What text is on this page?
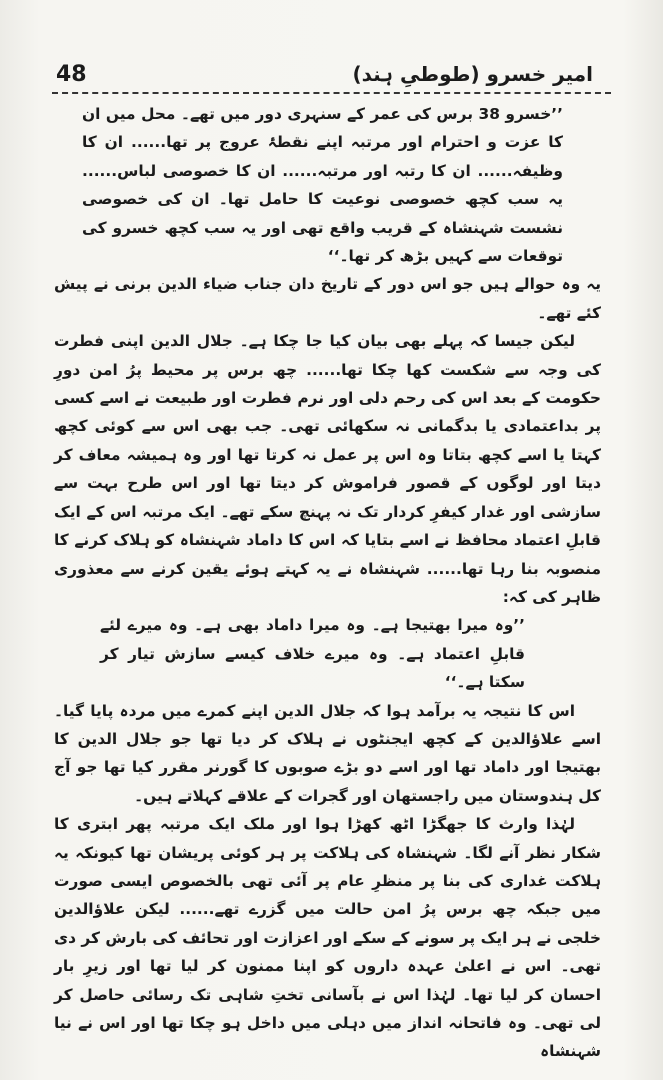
امیر خسرو (طوطیِ ہند)
48

’’خسرو 38 برس کی عمر کے سنہری دور میں تھے۔ محل میں ان کا عزت و احترام اور مرتبہ اپنے نقطۂ عروج پر تھا...... ان کا وظیفہ...... ان کا رتبہ اور مرتبہ...... ان کا خصوصی لباس...... یہ سب کچھ خصوصی نوعیت کا حامل تھا۔ ان کی خصوصی نشست شہنشاہ کے قریب واقع تھی اور یہ سب کچھ خسرو کی توقعات سے کہیں بڑھ کر تھا۔‘‘

یہ وہ حوالے ہیں جو اس دور کے تاریخ دان جناب ضیاء الدین برنی نے پیش کئے تھے۔

لیکن جیسا کہ پہلے بھی بیان کیا جا چکا ہے۔ جلال الدین اپنی فطرت کی وجہ سے شکست کھا چکا تھا...... چھ برس پر محیط پرُ امن دورِ حکومت کے بعد اس کی رحم دلی اور نرم فطرت اور طبیعت نے اسے کسی پر بداعتمادی یا بدگمانی نہ سکھائی تھی۔ جب بھی اس سے کوئی کچھ کہتا یا اسے کچھ بتاتا وہ اس پر عمل نہ کرتا تھا اور وہ ہمیشہ معاف کر دیتا اور لوگوں کے قصور فراموش کر دیتا تھا اور اس طرح بہت سے سازشی اور غدار کیفرِ کردار تک نہ پہنچ سکے تھے۔ ایک مرتبہ اس کے ایک قابلِ اعتماد محافظ نے اسے بتایا کہ اس کا داماد شہنشاہ کو ہلاک کرنے کا منصوبہ بنا رہا تھا...... شہنشاہ نے یہ کہتے ہوئے یقین کرنے سے معذوری ظاہر کی کہ:

’’وہ میرا بھتیجا ہے۔ وہ میرا داماد بھی ہے۔ وہ میرے لئے قابلِ اعتماد ہے۔ وہ میرے خلاف کیسے سازش تیار کر سکتا ہے۔‘‘

اس کا نتیجہ یہ برآمد ہوا کہ جلال الدین اپنے کمرے میں مردہ پایا گیا۔ اسے علاؤالدین کے کچھ ایجنٹوں نے ہلاک کر دیا تھا جو جلال الدین کا بھتیجا اور داماد تھا اور اسے دو بڑے صوبوں کا گورنر مقرر کیا تھا جو آج کل ہندوستان میں راجستھان اور گجرات کے علاقے کہلاتے ہیں۔

لہٰذا وارث کا جھگڑا اٹھ کھڑا ہوا اور ملک ایک مرتبہ پھر ابتری کا شکار نظر آنے لگا۔ شہنشاہ کی ہلاکت پر ہر کوئی پریشان تھا کیونکہ یہ ہلاکت غداری کی بنا پر منظرِ عام پر آئی تھی بالخصوص ایسی صورت میں جبکہ چھ برس پرُ امن حالت میں گزرے تھے...... لیکن علاؤالدین خلجی نے ہر ایک پر سونے کے سکے اور اعزازت اور تحائف کی بارش کر دی تھی۔ اس نے اعلیٰ عہدہ داروں کو اپنا ممنون کر لیا تھا اور زیرِ بار احسان کر لیا تھا۔ لہٰذا اس نے بآسانی تختِ شاہی تک رسائی حاصل کر لی تھی۔ وہ فاتحانہ انداز میں دہلی میں داخل ہو چکا تھا اور اس نے نیا شہنشاہ
